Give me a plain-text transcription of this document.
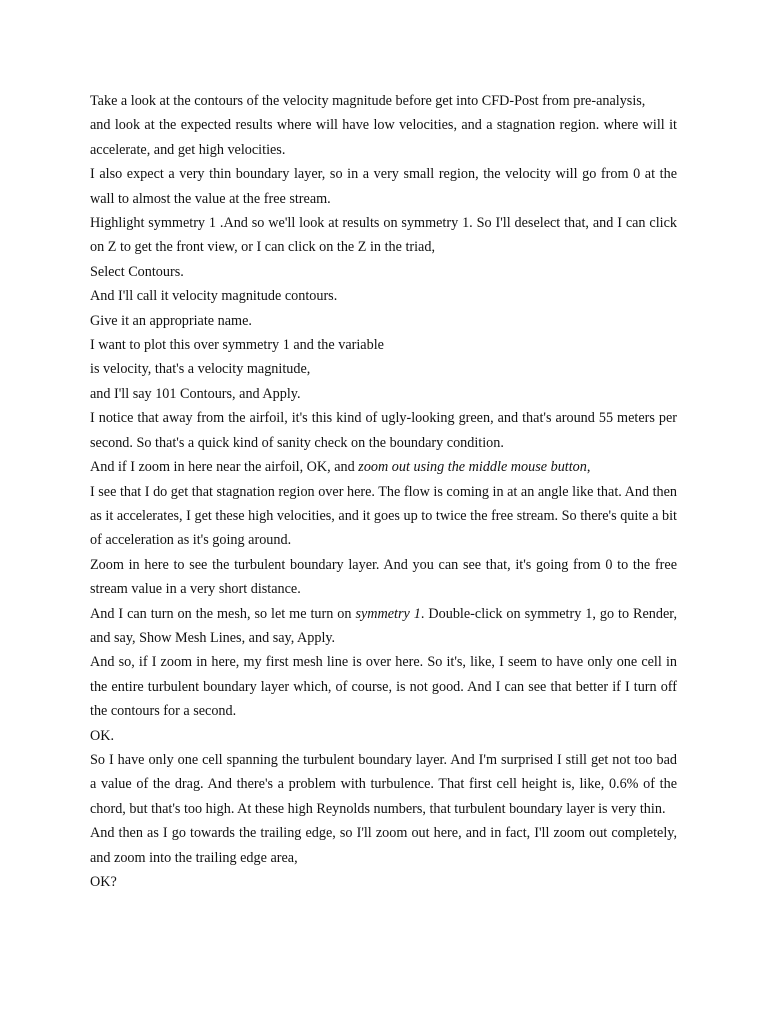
Take a look at the contours of the velocity magnitude before get into CFD-Post from pre-analysis,

and look at the expected results where will have low velocities, and a stagnation region. where will it accelerate, and get high velocities.

I also expect a very thin boundary layer, so in a very small region, the velocity will go from 0 at the wall to almost the value at the free stream.

Highlight symmetry 1 .And so we'll look at results on symmetry 1. So I'll deselect that, and I can click on Z to get the front view, or I can click on the Z in the triad,

Select Contours.

And I'll call it velocity magnitude contours.

Give it an appropriate name.

I want to plot this over symmetry 1 and the variable

is velocity, that's a velocity magnitude,

and I'll say 101 Contours, and Apply.

I notice that away from the airfoil, it's this kind of ugly-looking green, and that's around 55 meters per second. So that's a quick kind of sanity check on the boundary condition.

And if I zoom in here near the airfoil, OK, and zoom out using the middle mouse button,

I see that I do get that stagnation region over here. The flow is coming in at an angle like that. And then as it accelerates, I get these high velocities, and it goes up to twice the free stream. So there's quite a bit of acceleration as it's going around.

Zoom in here to see the turbulent boundary layer. And you can see that, it's going from 0 to the free stream value in a very short distance.

And I can turn on the mesh, so let me turn on symmetry 1. Double-click on symmetry 1, go to Render, and say, Show Mesh Lines, and say, Apply.

And so, if I zoom in here, my first mesh line is over here. So it's, like, I seem to have only one cell in the entire turbulent boundary layer which, of course, is not good. And I can see that better if I turn off the contours for a second.

OK.

So I have only one cell spanning the turbulent boundary layer. And I'm surprised I still get not too bad a value of the drag. And there's a problem with turbulence. That first cell height is, like, 0.6% of the chord, but that's too high. At these high Reynolds numbers, that turbulent boundary layer is very thin.

And then as I go towards the trailing edge, so I'll zoom out here, and in fact, I'll zoom out completely, and zoom into the trailing edge area,

OK?
